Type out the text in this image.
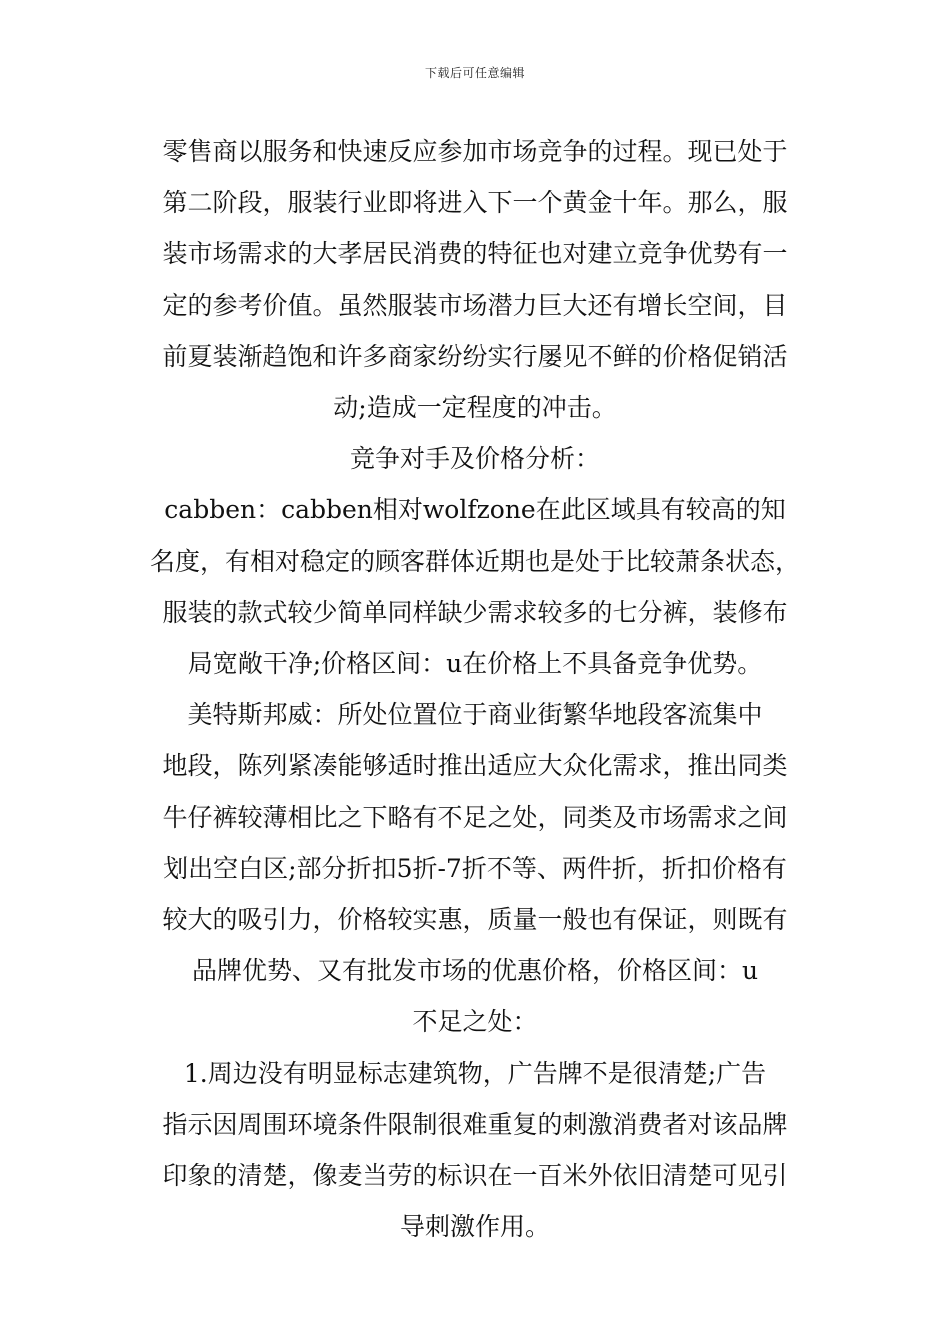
下载后可任意编辑
零售商以服务和快速反应参加市场竞争的过程。现已处于
第二阶段，服装行业即将进入下一个黄金十年。那么，服
装市场需求的大孝居民消费的特征也对建立竞争优势有一
定的参考价值。虽然服装市场潜力巨大还有增长空间，目
前夏装渐趋饱和许多商家纷纷实行屡见不鲜的价格促销活
动;造成一定程度的冲击。
竞争对手及价格分析：
cabben：cabben相对wolfzone在此区域具有较高的知
名度，有相对稳定的顾客群体近期也是处于比较萧条状态，
服装的款式较少简单同样缺少需求较多的七分裤，装修布
局宽敞干净;价格区间：u在价格上不具备竞争优势。
美特斯邦威：所处位置位于商业街繁华地段客流集中
地段，陈列紧凑能够适时推出适应大众化需求，推出同类
牛仔裤较薄相比之下略有不足之处，同类及市场需求之间
划出空白区;部分折扣5折-7折不等、两件折，折扣价格有
较大的吸引力，价格较实惠，质量一般也有保证，则既有
品牌优势、又有批发市场的优惠价格，价格区间：u
不足之处：
1.周边没有明显标志建筑物，广告牌不是很清楚;广告
指示因周围环境条件限制很难重复的刺激消费者对该品牌
印象的清楚，像麦当劳的标识在一百米外依旧清楚可见引
导刺激作用。
